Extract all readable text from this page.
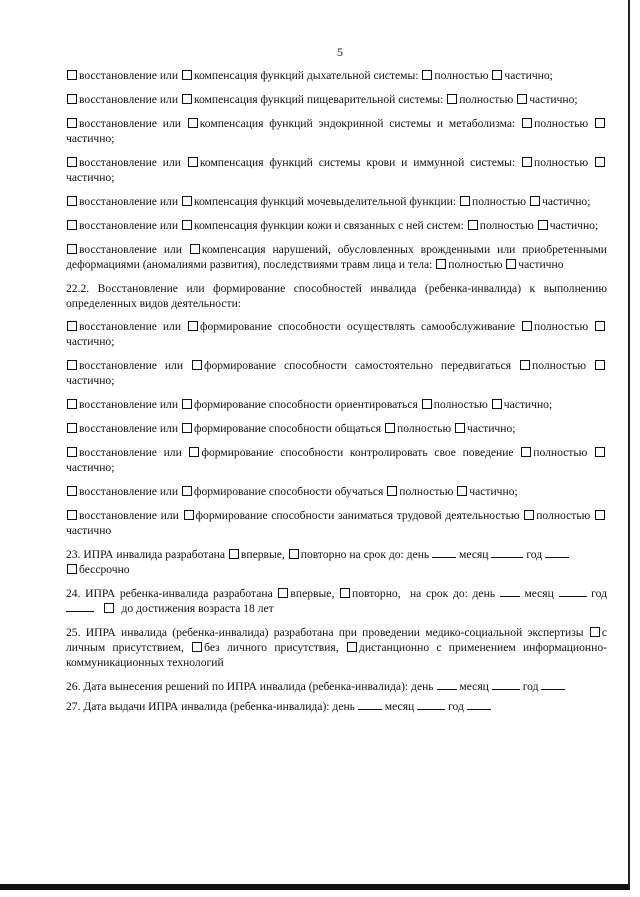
5
восстановление или компенсация функций дыхательной системы: полностью частично;
восстановление или компенсация функций пищеварительной системы: полностью частично;
восстановление или компенсация функций эндокринной системы и метаболизма: полностью частично;
восстановление или компенсация функций системы крови и иммунной системы: полностью частично;
восстановление или компенсация функций мочевыделительной функции: полностью частично;
восстановление или компенсация функции кожи и связанных с ней систем: полностью частично;
восстановление или компенсация нарушений, обусловленных врожденными или приобретенными деформациями (аномалиями развития), последствиями травм лица и тела: полностью частично
22.2. Восстановление или формирование способностей инвалида (ребенка-инвалида) к выполнению определенных видов деятельности:
восстановление или формирование способности осуществлять самообслуживание полностью частично;
восстановление или формирование способности самостоятельно передвигаться полностью частично;
восстановление или формирование способности ориентироваться полностью частично;
восстановление или формирование способности общаться полностью частично;
восстановление или формирование способности контролировать свое поведение полностью частично;
восстановление или формирование способности обучаться полностью частично;
восстановление или формирование способности заниматься трудовой деятельностью полностью частично
23. ИПРА инвалида разработана впервые, повторно на срок до: день	месяц	год
бессрочно
24. ИПРА ребенка-инвалида разработана впервые, повторно, на срок до: день	месяц	год      до достижения возраста 18 лет
25. ИПРА инвалида (ребенка-инвалида) разработана при проведении медико-социальной экспертизы с личным присутствием, без личного присутствия, дистанционно с применением информационно-коммуникационных технологий
26. Дата вынесения решений по ИПРА инвалида (ребенка-инвалида): день месяц	год
27. Дата выдачи ИПРА инвалида (ребенка-инвалида): день	месяц	год
